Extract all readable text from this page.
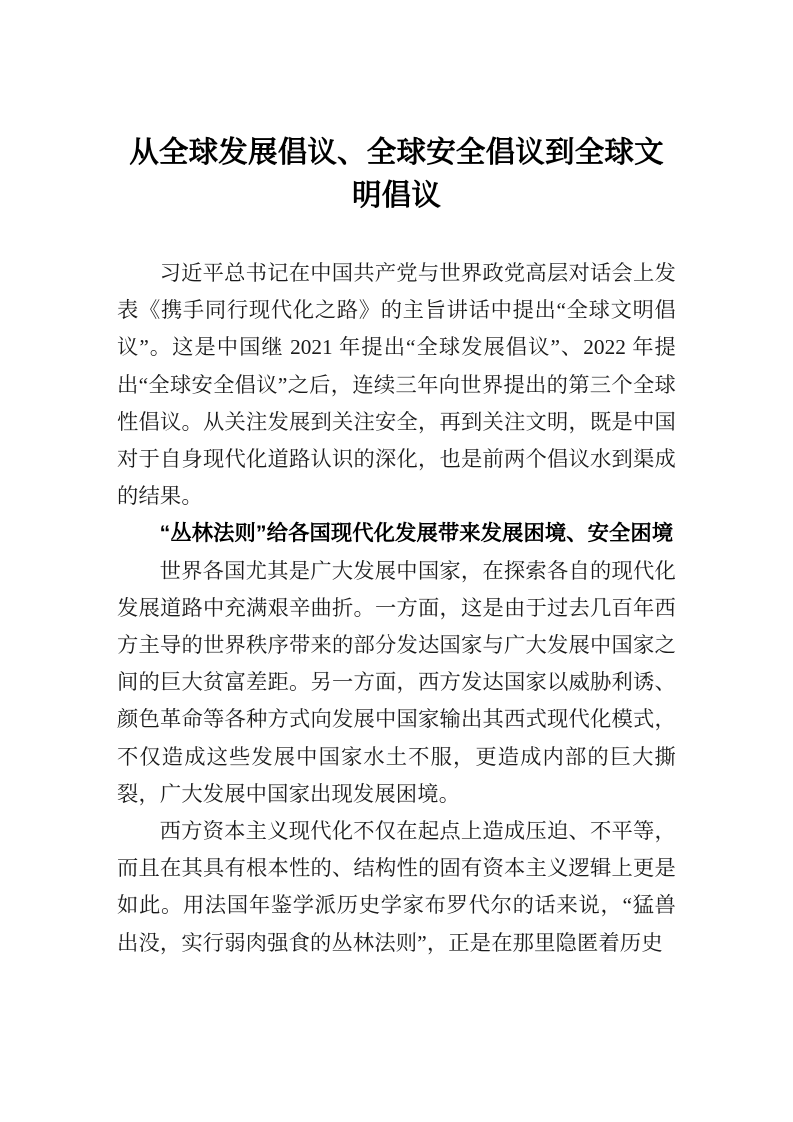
从全球发展倡议、全球安全倡议到全球文明倡议

习近平总书记在中国共产党与世界政党高层对话会上发表《携手同行现代化之路》的主旨讲话中提出“全球文明倡议”。这是中国继 2021 年提出“全球发展倡议”、2022 年提出“全球安全倡议”之后，连续三年向世界提出的第三个全球性倡议。从关注发展到关注安全，再到关注文明，既是中国对于自身现代化道路认识的深化，也是前两个倡议水到渠成的结果。

“丛林法则”给各国现代化发展带来发展困境、安全困境

世界各国尤其是广大发展中国家，在探索各自的现代化发展道路中充满艰辛曲折。一方面，这是由于过去几百年西方主导的世界秩序带来的部分发达国家与广大发展中国家之间的巨大贫富差距。另一方面，西方发达国家以威胁利诱、颜色革命等各种方式向发展中国家输出其西式现代化模式，不仅造成这些发展中国家水土不服，更造成内部的巨大撕裂，广大发展中国家出现发展困境。

西方资本主义现代化不仅在起点上造成压迫、不平等，而且在其具有根本性的、结构性的固有资本主义逻辑上更是如此。用法国年鉴学派历史学家布罗代尔的话来说，“猛兽出没，实行弱肉强食的丛林法则”，正是在那里隐匿着历史
